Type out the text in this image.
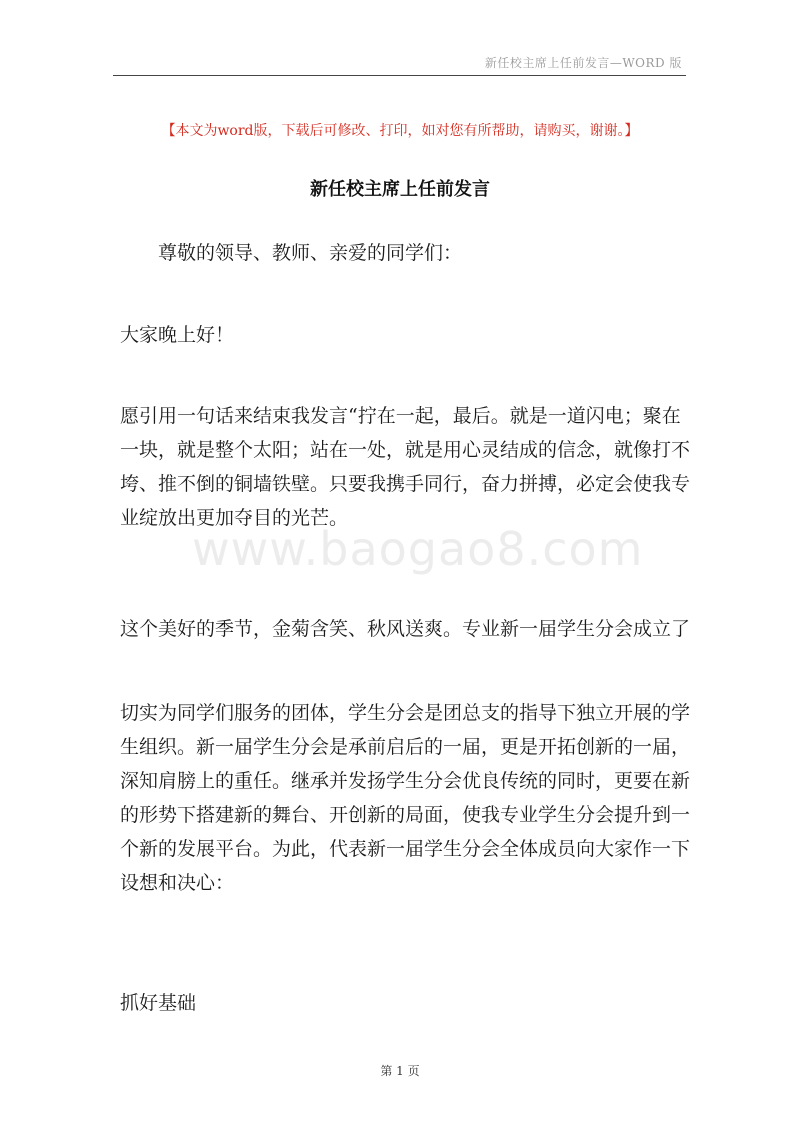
新任校主席上任前发言—WORD 版
【本文为word版，下载后可修改、打印，如对您有所帮助，请购买，谢谢。】
新任校主席上任前发言

尊敬的领导、教师、亲爱的同学们：

大家晚上好！

愿引用一句话来结束我发言“拧在一起，最后。就是一道闪电；聚在一块，就是整个太阳；站在一处，就是用心灵结成的信念，就像打不垮、推不倒的铜墙铁壁。只要我携手同行，奋力拼搏，必定会使我专业绽放出更加夺目的光芒。

这个美好的季节，金菊含笑、秋风送爽。专业新一届学生分会成立了

切实为同学们服务的团体，学生分会是团总支的指导下独立开展的学生组织。新一届学生分会是承前启后的一届，更是开拓创新的一届，深知肩膀上的重任。继承并发扬学生分会优良传统的同时，更要在新的形势下搭建新的舞台、开创新的局面，使我专业学生分会提升到一个新的发展平台。为此，代表新一届学生分会全体成员向大家作一下设想和决心：

抓好基础

www.baogao8.com
第 1 页
